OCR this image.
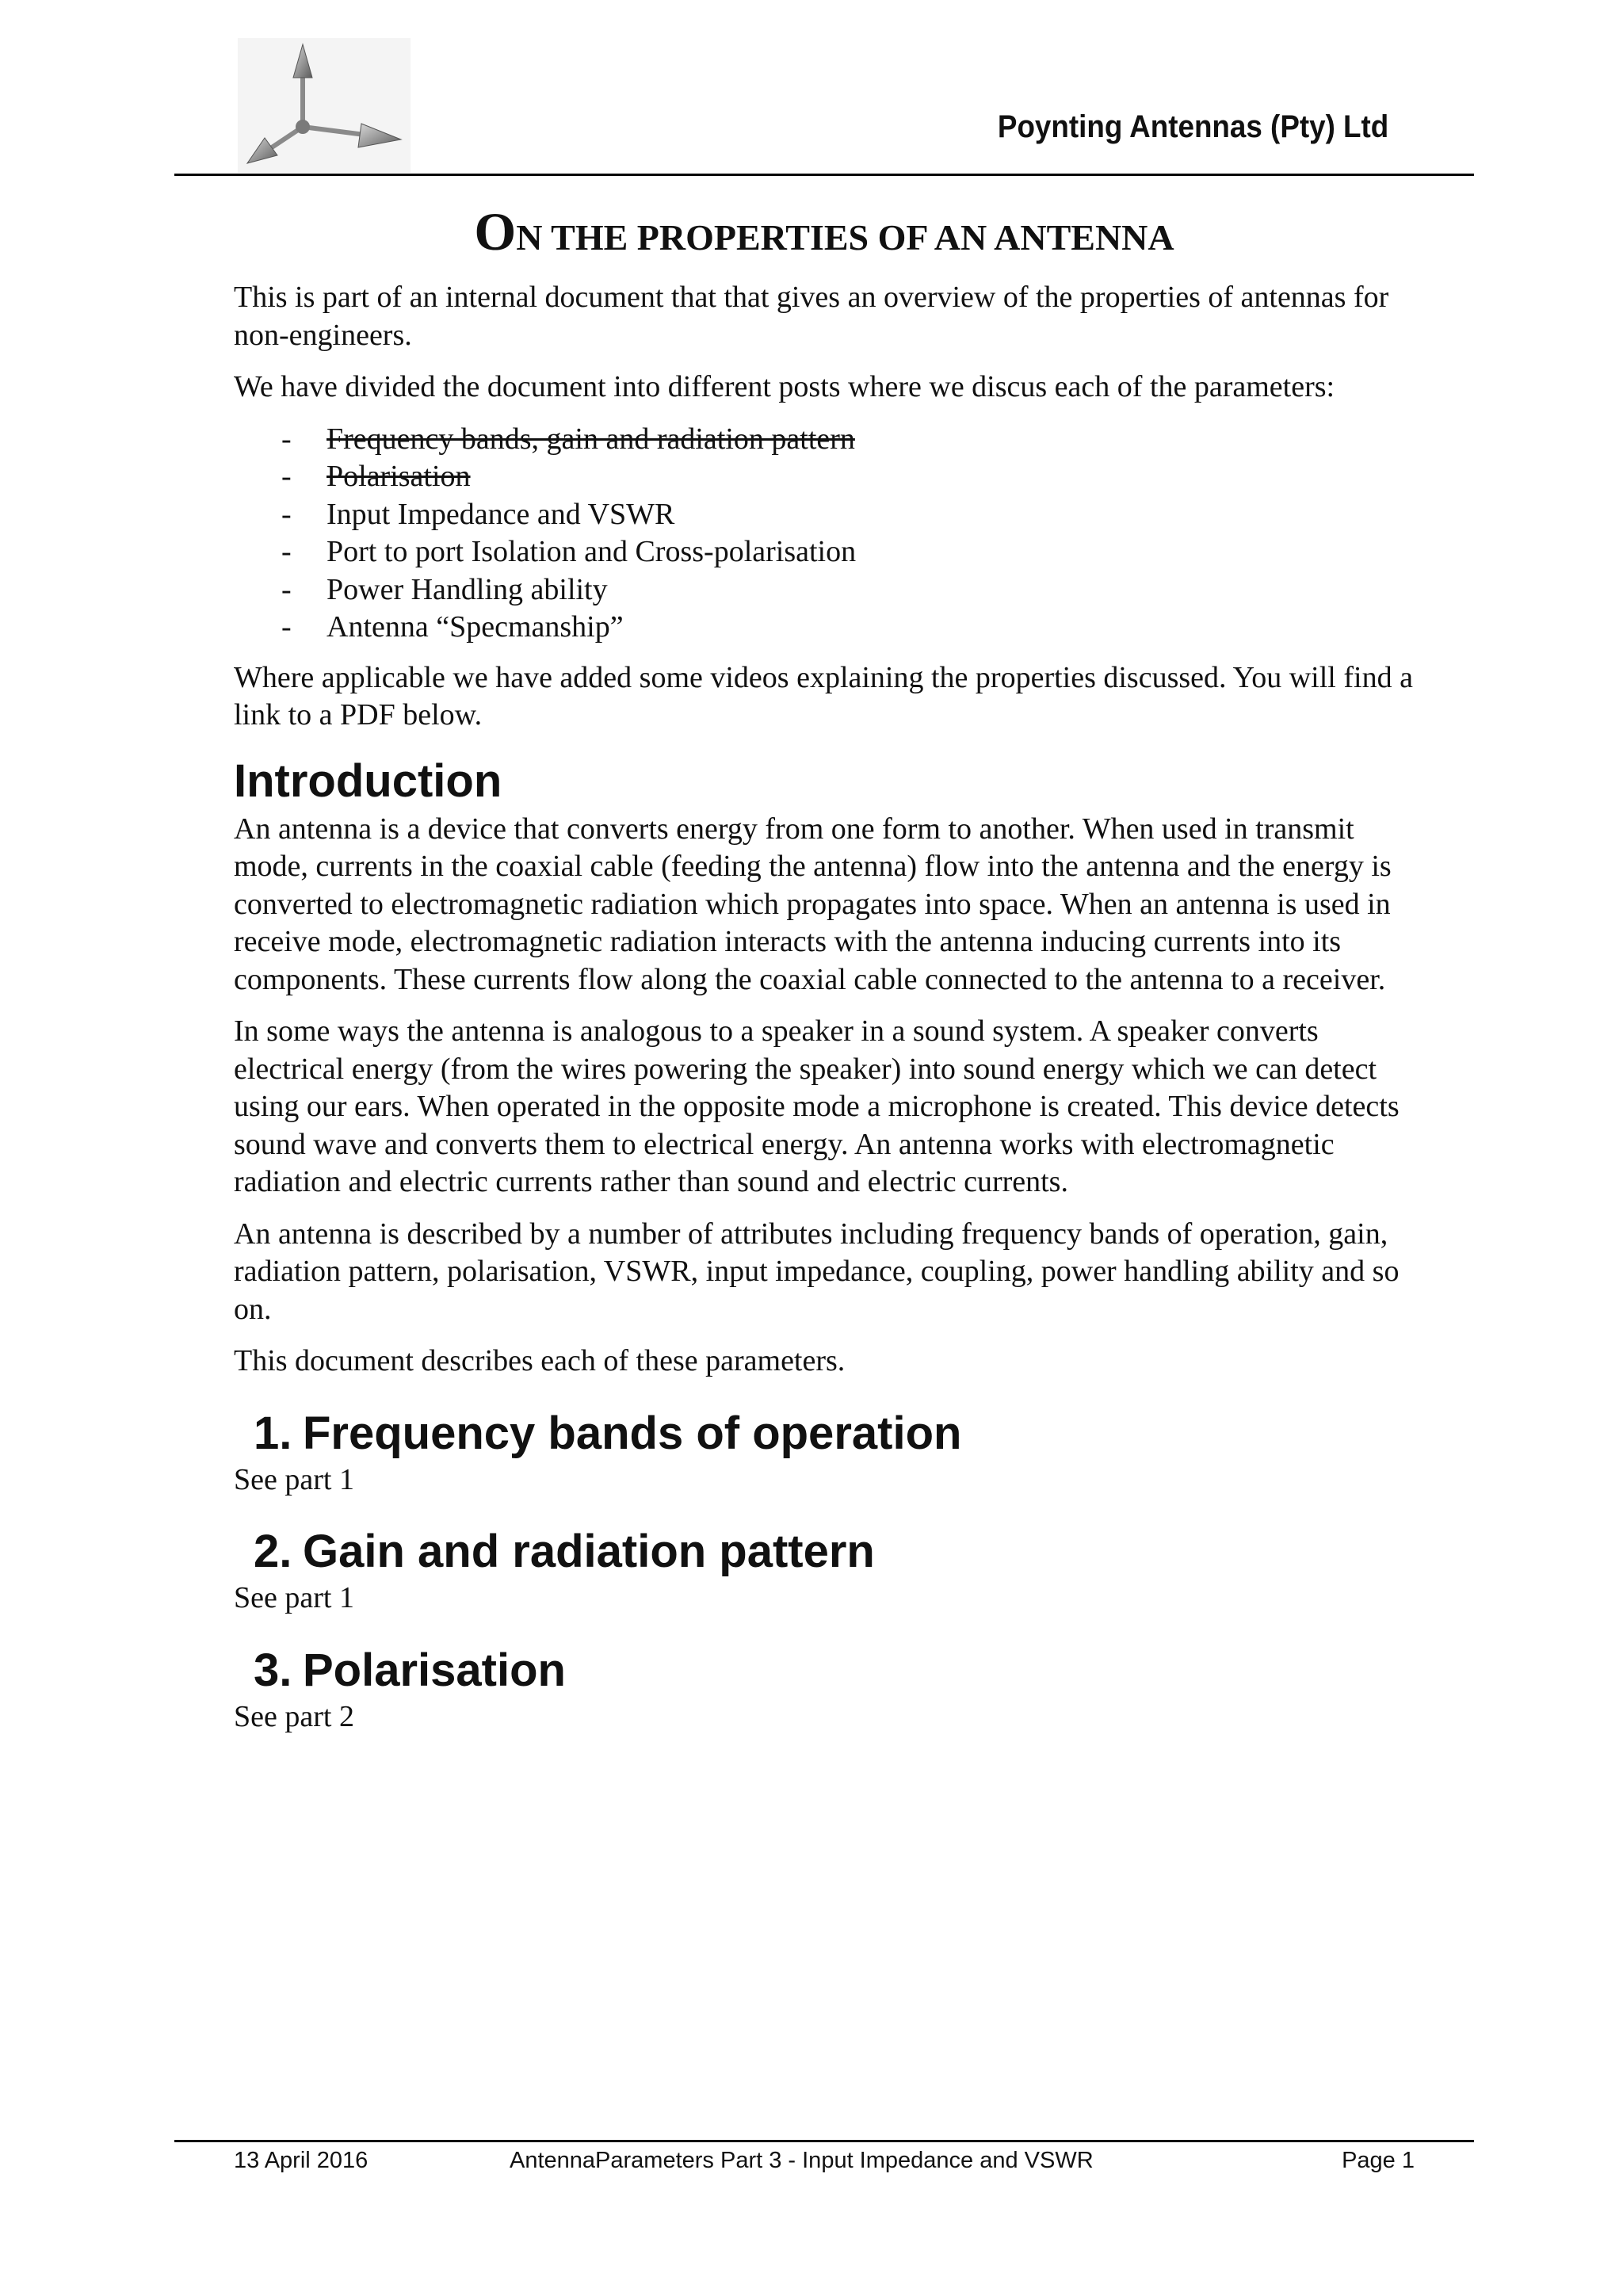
Poynting Antennas (Pty) Ltd
ON THE PROPERTIES OF AN ANTENNA

This is part of an internal document that that gives an overview of the properties of antennas for non-engineers.

We have divided the document into different posts where we discus each of the parameters:

- Frequency bands, gain and radiation pattern
- Polarisation
- Input Impedance and VSWR
- Port to port Isolation and Cross-polarisation
- Power Handling ability
- Antenna “Specmanship”

Where applicable we have added some videos explaining the properties discussed. You will find a link to a PDF below.

Introduction

An antenna is a device that converts energy from one form to another. When used in transmit mode, currents in the coaxial cable (feeding the antenna) flow into the antenna and the energy is converted to electromagnetic radiation which propagates into space. When an antenna is used in receive mode, electromagnetic radiation interacts with the antenna inducing currents into its components. These currents flow along the coaxial cable connected to the antenna to a receiver.

In some ways the antenna is analogous to a speaker in a sound system. A speaker converts electrical energy (from the wires powering the speaker) into sound energy which we can detect using our ears. When operated in the opposite mode a microphone is created. This device detects sound wave and converts them to electrical energy. An antenna works with electromagnetic radiation and electric currents rather than sound and electric currents.

An antenna is described by a number of attributes including frequency bands of operation, gain, radiation pattern, polarisation, VSWR, input impedance, coupling, power handling ability and so on.

This document describes each of these parameters.

1. Frequency bands of operation

See part 1

2. Gain and radiation pattern

See part 1

3. Polarisation

See part 2

13 April 2016	AntennaParameters Part 3 - Input Impedance and VSWR	Page 1
